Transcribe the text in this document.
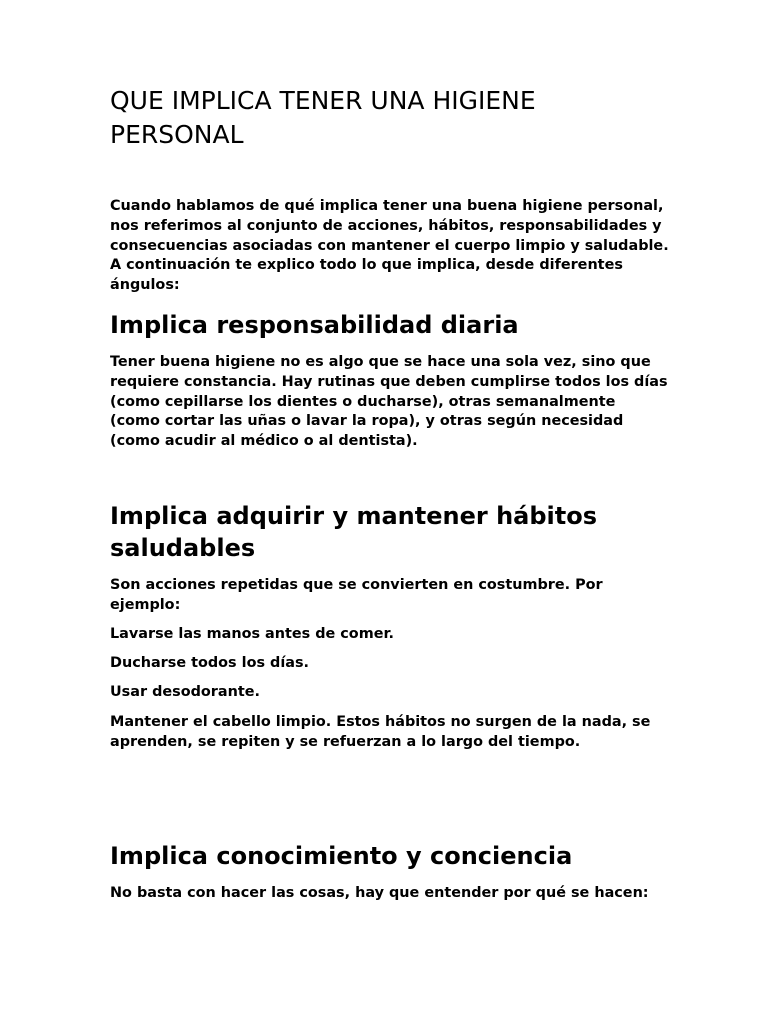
QUE IMPLICA TENER UNA HIGIENE PERSONAL

Cuando hablamos de qué implica tener una buena higiene personal, nos referimos al conjunto de acciones, hábitos, responsabilidades y consecuencias asociadas con mantener el cuerpo limpio y saludable. A continuación te explico todo lo que implica, desde diferentes ángulos:

Implica responsabilidad diaria

Tener buena higiene no es algo que se hace una sola vez, sino que requiere constancia. Hay rutinas que deben cumplirse todos los días (como cepillarse los dientes o ducharse), otras semanalmente (como cortar las uñas o lavar la ropa), y otras según necesidad (como acudir al médico o al dentista).

Implica adquirir y mantener hábitos saludables

Son acciones repetidas que se convierten en costumbre. Por ejemplo:

Lavarse las manos antes de comer.

Ducharse todos los días.

Usar desodorante.

Mantener el cabello limpio. Estos hábitos no surgen de la nada, se aprenden, se repiten y se refuerzan a lo largo del tiempo.

Implica conocimiento y conciencia

No basta con hacer las cosas, hay que entender por qué se hacen:
